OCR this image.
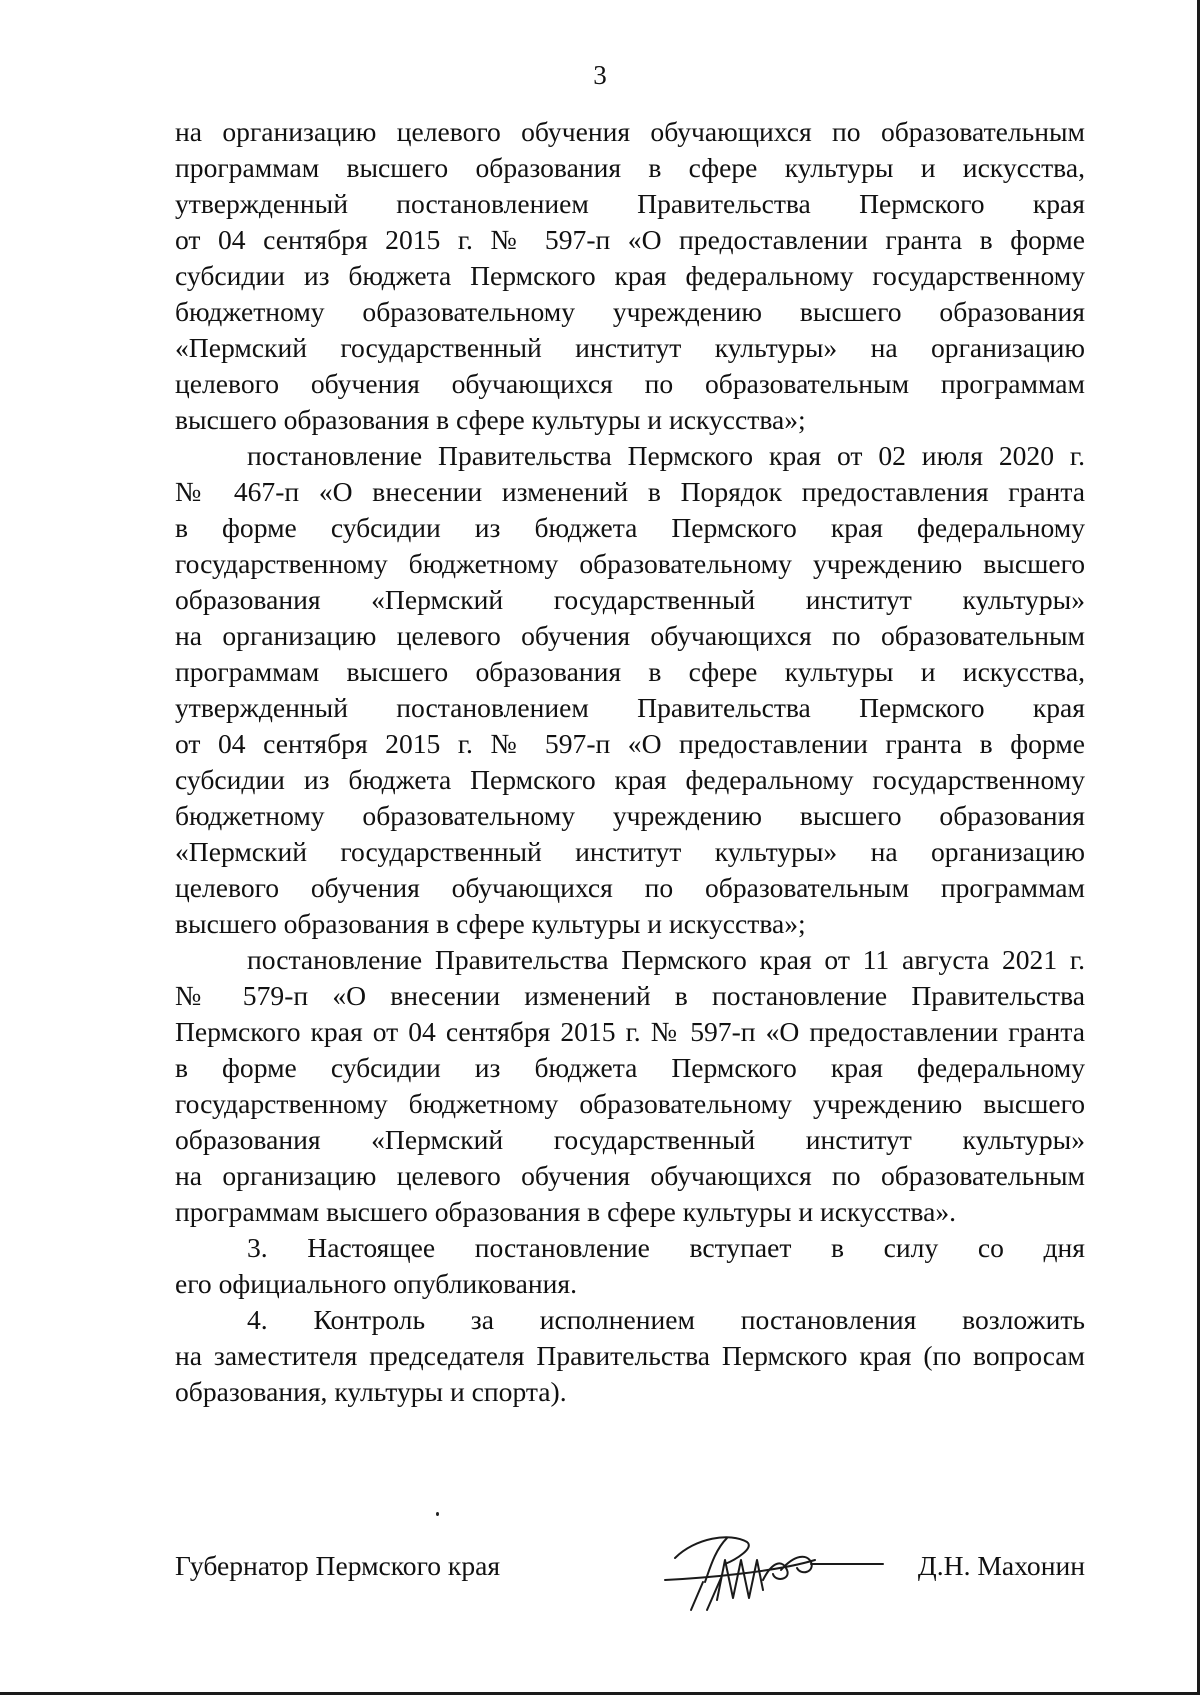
3
на организацию целевого обучения обучающихся по образовательным
программам высшего образования в сфере культуры и искусства,
утвержденный постановлением Правительства Пермского края
от 04 сентября 2015 г. № 597-п «О предоставлении гранта в форме
субсидии из бюджета Пермского края федеральному государственному
бюджетному образовательному учреждению высшего образования
«Пермский государственный институт культуры» на организацию
целевого обучения обучающихся по образовательным программам
высшего образования в сфере культуры и искусства»;
постановление Правительства Пермского края от 02 июля 2020 г.
№ 467-п «О внесении изменений в Порядок предоставления гранта
в форме субсидии из бюджета Пермского края федеральному
государственному бюджетному образовательному учреждению высшего
образования «Пермский государственный институт культуры»
на организацию целевого обучения обучающихся по образовательным
программам высшего образования в сфере культуры и искусства,
утвержденный постановлением Правительства Пермского края
от 04 сентября 2015 г. № 597-п «О предоставлении гранта в форме
субсидии из бюджета Пермского края федеральному государственному
бюджетному образовательному учреждению высшего образования
«Пермский государственный институт культуры» на организацию
целевого обучения обучающихся по образовательным программам
высшего образования в сфере культуры и искусства»;
постановление Правительства Пермского края от 11 августа 2021 г.
№ 579-п «О внесении изменений в постановление Правительства
Пермского края от 04 сентября 2015 г. № 597-п «О предоставлении гранта
в форме субсидии из бюджета Пермского края федеральному
государственному бюджетному образовательному учреждению высшего
образования «Пермский государственный институт культуры»
на организацию целевого обучения обучающихся по образовательным
программам высшего образования в сфере культуры и искусства».
3. Настоящее постановление вступает в силу со дня
его официального опубликования.
4. Контроль за исполнением постановления возложить
на заместителя председателя Правительства Пермского края (по вопросам
образования, культуры и спорта).
Губернатор Пермского края	Д.Н. Махонин
